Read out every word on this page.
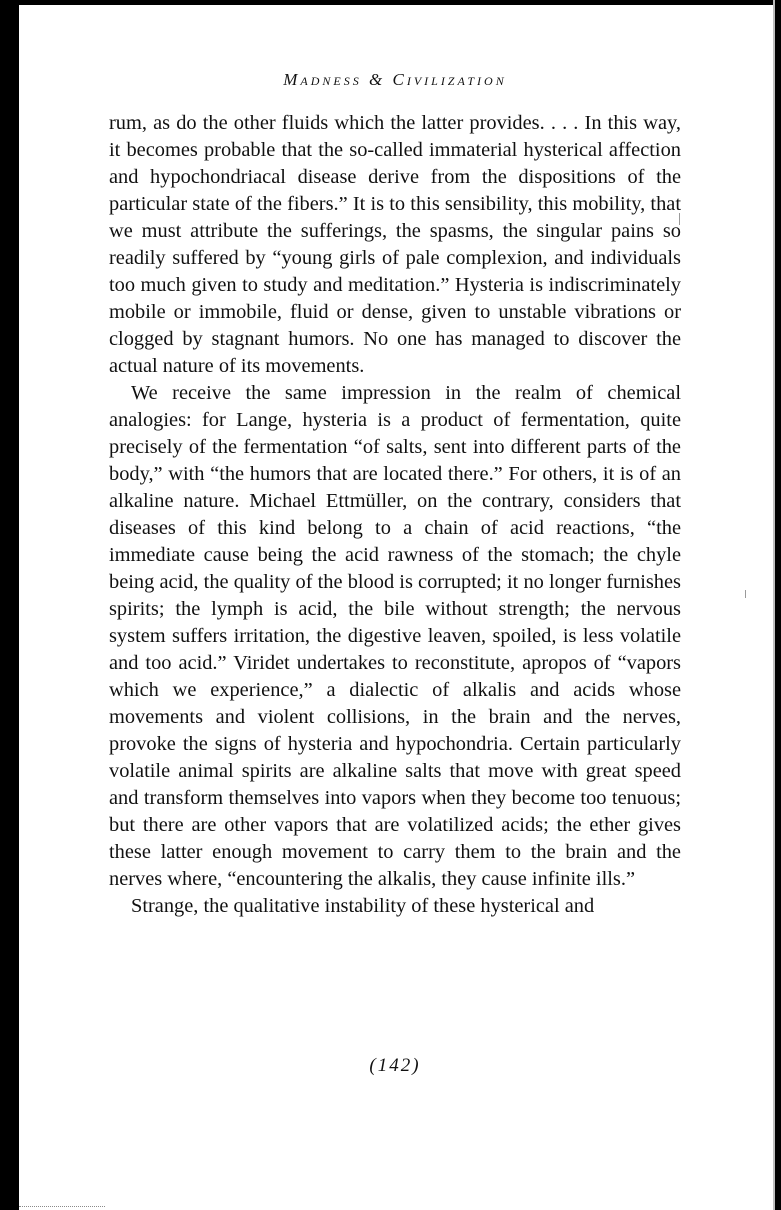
Madness & Civilization

rum, as do the other fluids which the latter provides. . . . In this way, it becomes probable that the so-called immaterial hysterical affection and hypochondriacal disease derive from the dispositions of the particular state of the fibers.” It is to this sensibility, this mobility, that we must attribute the sufferings, the spasms, the singular pains so readily suffered by “young girls of pale complexion, and individuals too much given to study and meditation.” Hysteria is indiscriminately mobile or immobile, fluid or dense, given to unstable vibrations or clogged by stagnant humors. No one has managed to discover the actual nature of its movements.

We receive the same impression in the realm of chemical analogies: for Lange, hysteria is a product of fermentation, quite precisely of the fermentation “of salts, sent into different parts of the body,” with “the humors that are located there.” For others, it is of an alkaline nature. Michael Ettmüller, on the contrary, considers that diseases of this kind belong to a chain of acid reactions, “the immediate cause being the acid rawness of the stomach; the chyle being acid, the quality of the blood is corrupted; it no longer furnishes spirits; the lymph is acid, the bile without strength; the nervous system suffers irritation, the digestive leaven, spoiled, is less volatile and too acid.” Viridet undertakes to reconstitute, apropos of “vapors which we experience,” a dialectic of alkalis and acids whose movements and violent collisions, in the brain and the nerves, provoke the signs of hysteria and hypochondria. Certain particularly volatile animal spirits are alkaline salts that move with great speed and transform themselves into vapors when they become too tenuous; but there are other vapors that are volatilized acids; the ether gives these latter enough movement to carry them to the brain and the nerves where, “encountering the alkalis, they cause infinite ills.”

Strange, the qualitative instability of these hysterical and

(142)
